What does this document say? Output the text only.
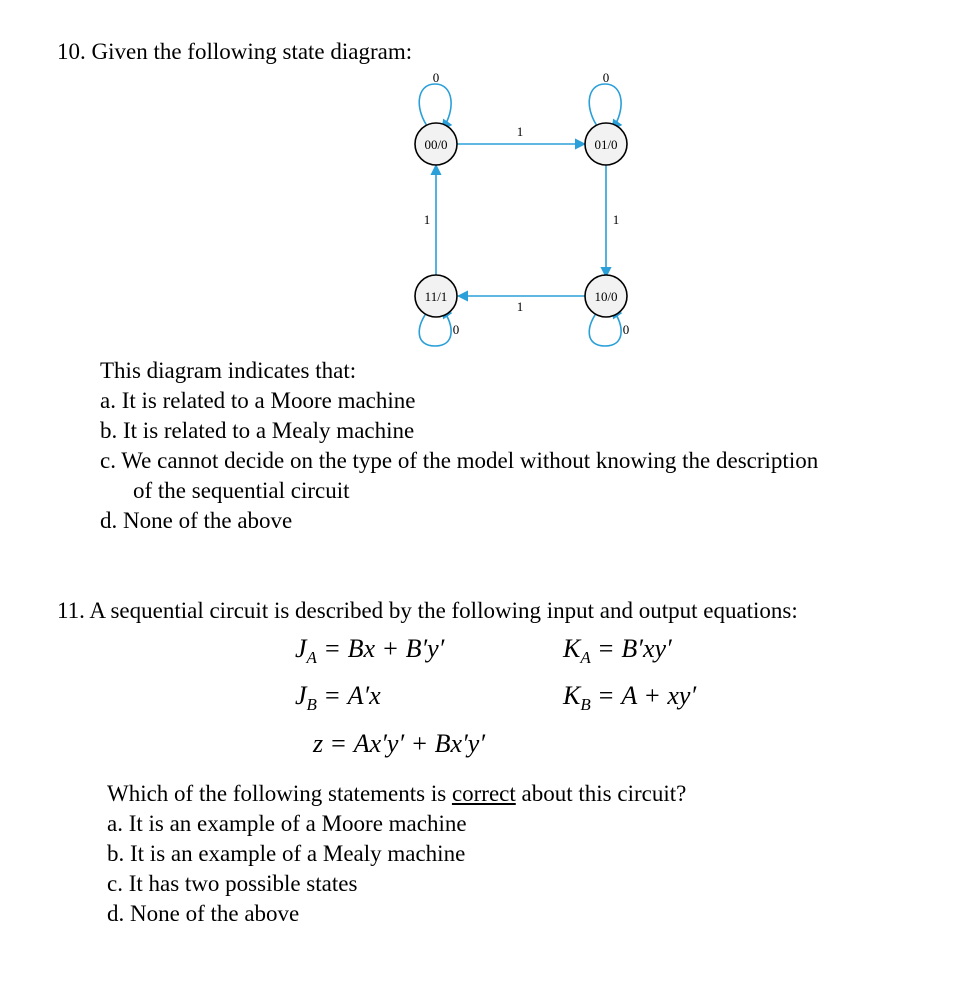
10. Given the following state diagram:
0	0
0	0
1
1
1
1
00/0	01/0
11/1	10/0
This diagram indicates that:
a. It is related to a Moore machine
b. It is related to a Mealy machine
c. We cannot decide on the type of the model without knowing the description
of the sequential circuit
d. None of the above
11. A sequential circuit is described by the following input and output equations:
$J_A = Bx + B'y'$	$K_A = B'xy'$
$J_B = A'x$	$K_B = A + xy'$
z = Ax′y′ + Bx′y′
Which of the following statements is correct about this circuit?
a. It is an example of a Moore machine
b. It is an example of a Mealy machine
c. It has two possible states
d. None of the above
